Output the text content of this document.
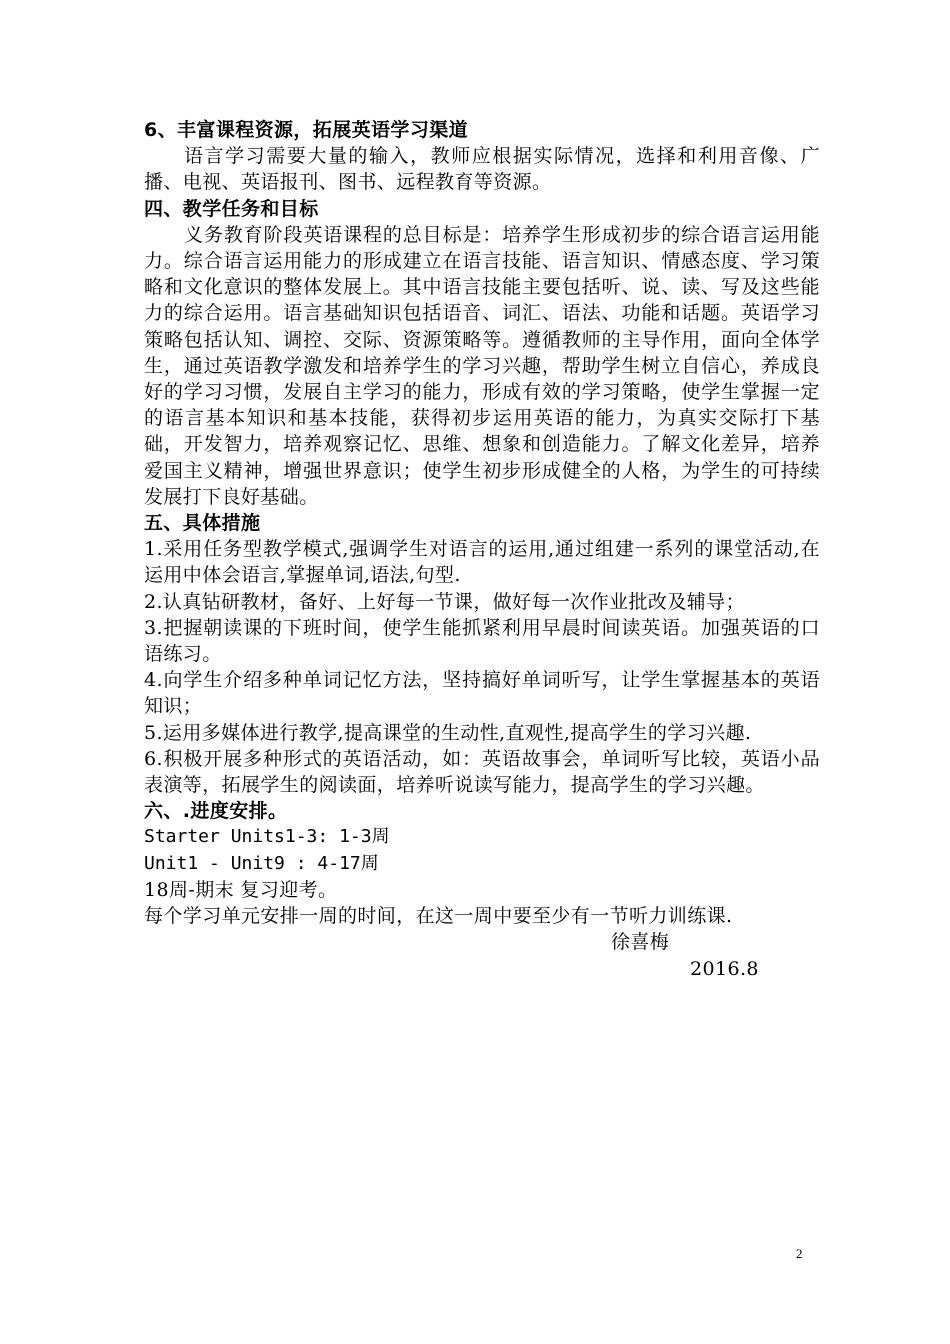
6、丰富课程资源，拓展英语学习渠道
语言学习需要大量的输入，教师应根据实际情况，选择和利用音像、广播、电视、英语报刊、图书、远程教育等资源。
四、教学任务和目标
义务教育阶段英语课程的总目标是：培养学生形成初步的综合语言运用能力。综合语言运用能力的形成建立在语言技能、语言知识、情感态度、学习策略和文化意识的整体发展上。其中语言技能主要包括听、说、读、写及这些能力的综合运用。语言基础知识包括语音、词汇、语法、功能和话题。英语学习策略包括认知、调控、交际、资源策略等。遵循教师的主导作用，面向全体学生，通过英语教学激发和培养学生的学习兴趣，帮助学生树立自信心，养成良好的学习习惯，发展自主学习的能力，形成有效的学习策略，使学生掌握一定的语言基本知识和基本技能，获得初步运用英语的能力，为真实交际打下基础，开发智力，培养观察记忆、思维、想象和创造能力。了解文化差异，培养爱国主义精神，增强世界意识；使学生初步形成健全的人格，为学生的可持续发展打下良好基础。
五、具体措施
1.采用任务型教学模式,强调学生对语言的运用,通过组建一系列的课堂活动,在运用中体会语言,掌握单词,语法,句型.
2.认真钻研教材，备好、上好每一节课，做好每一次作业批改及辅导；
3.把握朝读课的下班时间，使学生能抓紧利用早晨时间读英语。加强英语的口语练习。
4.向学生介绍多种单词记忆方法，坚持搞好单词听写，让学生掌握基本的英语知识；
5.运用多媒体进行教学,提高课堂的生动性,直观性,提高学生的学习兴趣.
6.积极开展多种形式的英语活动，如：英语故事会，单词听写比较，英语小品表演等，拓展学生的阅读面，培养听说读写能力，提高学生的学习兴趣。
六、.进度安排。
Starter Units1-3: 1-3周
Unit1 - Unit9 : 4-17周
18周-期末 复习迎考。
每个学习单元安排一周的时间，在这一周中要至少有一节听力训练课.
徐喜梅
2016.8
2
